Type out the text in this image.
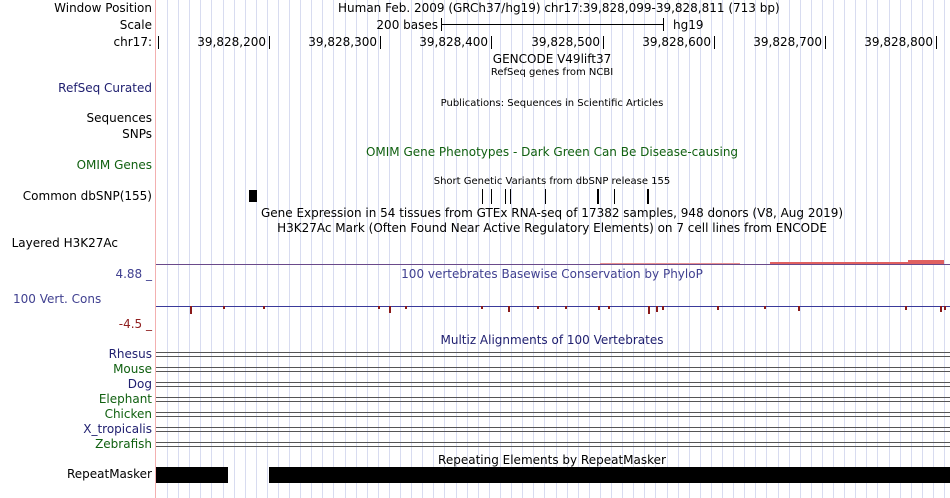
Window Position	Human Feb. 2009 (GRCh37/hg19) chr17:39,828,099-39,828,811 (713 bp)
Scale	200 bases	hg19
chr17:	39,828,200	39,828,300	39,828,400	39,828,500	39,828,600	39,828,700	39,828,800
GENCODE V49lift37
RefSeq genes from NCBI
RefSeq Curated
Publications: Sequences in Scientific Articles
Sequences
SNPs
OMIM Gene Phenotypes - Dark Green Can Be Disease-causing
OMIM Genes
Short Genetic Variants from dbSNP release 155
Common dbSNP(155)
Gene Expression in 54 tissues from GTEx RNA-seq of 17382 samples, 948 donors (V8, Aug 2019)
H3K27Ac Mark (Often Found Near Active Regulatory Elements) on 7 cell lines from ENCODE
Layered H3K27Ac
4.88 _	100 vertebrates Basewise Conservation by PhyloP
100 Vert. Cons
-4.5 _
Multiz Alignments of 100 Vertebrates
Rhesus
Mouse
Dog
Elephant
Chicken
X_tropicalis
Zebrafish
Repeating Elements by RepeatMasker
RepeatMasker
